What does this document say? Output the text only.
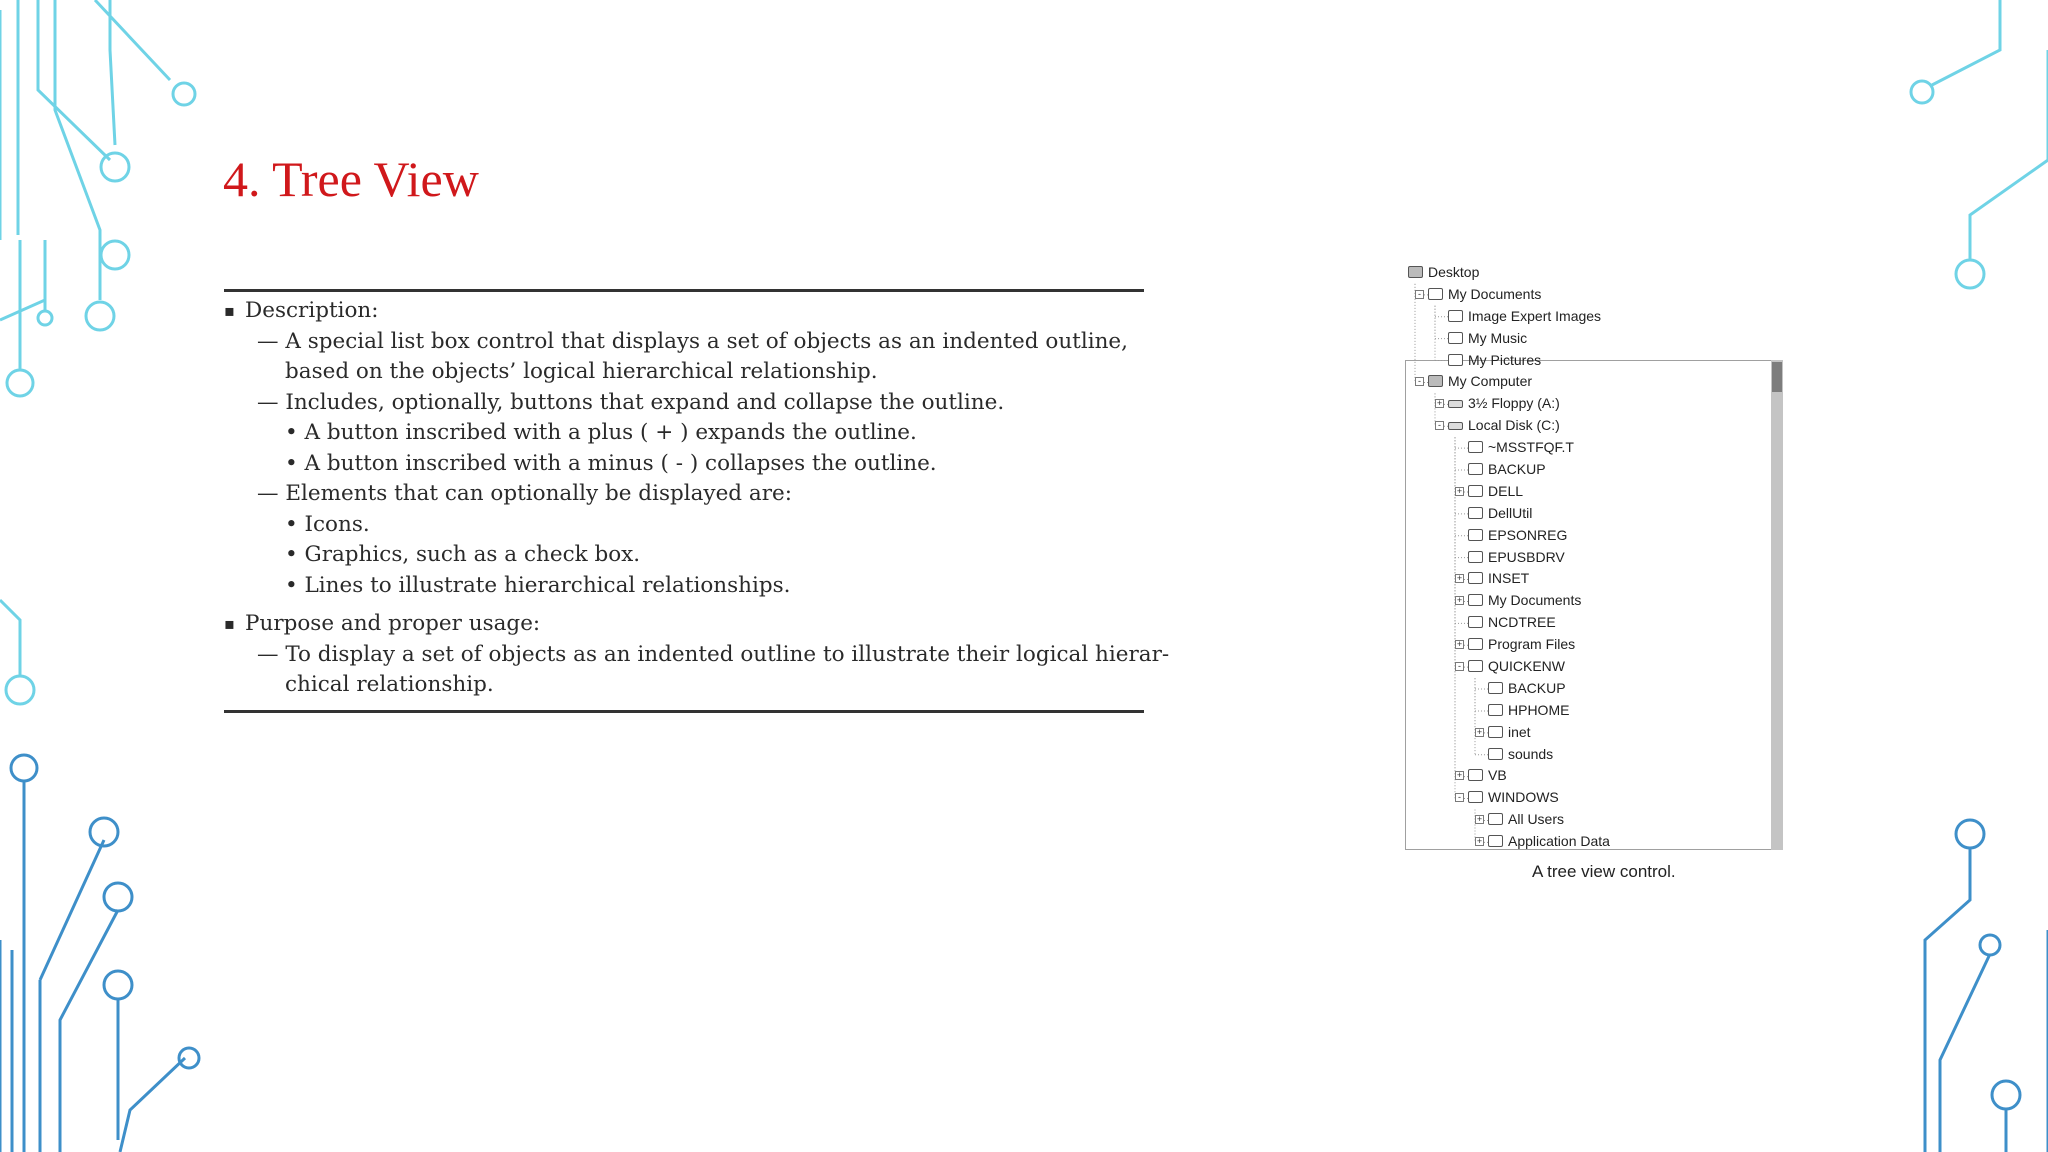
4. Tree View
▪ Description:
— A special list box control that displays a set of objects as an indented outline,
based on the objects’ logical hierarchical relationship.
— Includes, optionally, buttons that expand and collapse the outline.
• A button inscribed with a plus ( + ) expands the outline.
• A button inscribed with a minus ( - ) collapses the outline.
— Elements that can optionally be displayed are:
• Icons.
• Graphics, such as a check box.
• Lines to illustrate hierarchical relationships.
▪ Purpose and proper usage:
— To display a set of objects as an indented outline to illustrate their logical hierar-
chical relationship.
Desktop
- My Documents
Image Expert Images
My Music
My Pictures
- My Computer
+ 3½ Floppy (A:)
- Local Disk (C:)
~MSSTFQF.T
BACKUP
+ DELL
DellUtil
EPSONREG
EPUSBDRV
+ INSET
+ My Documents
NCDTREE
+ Program Files
- QUICKENW
BACKUP
HPHOME
+ inet
sounds
+ VB
- WINDOWS
+ All Users
+ Application Data
A tree view control.
